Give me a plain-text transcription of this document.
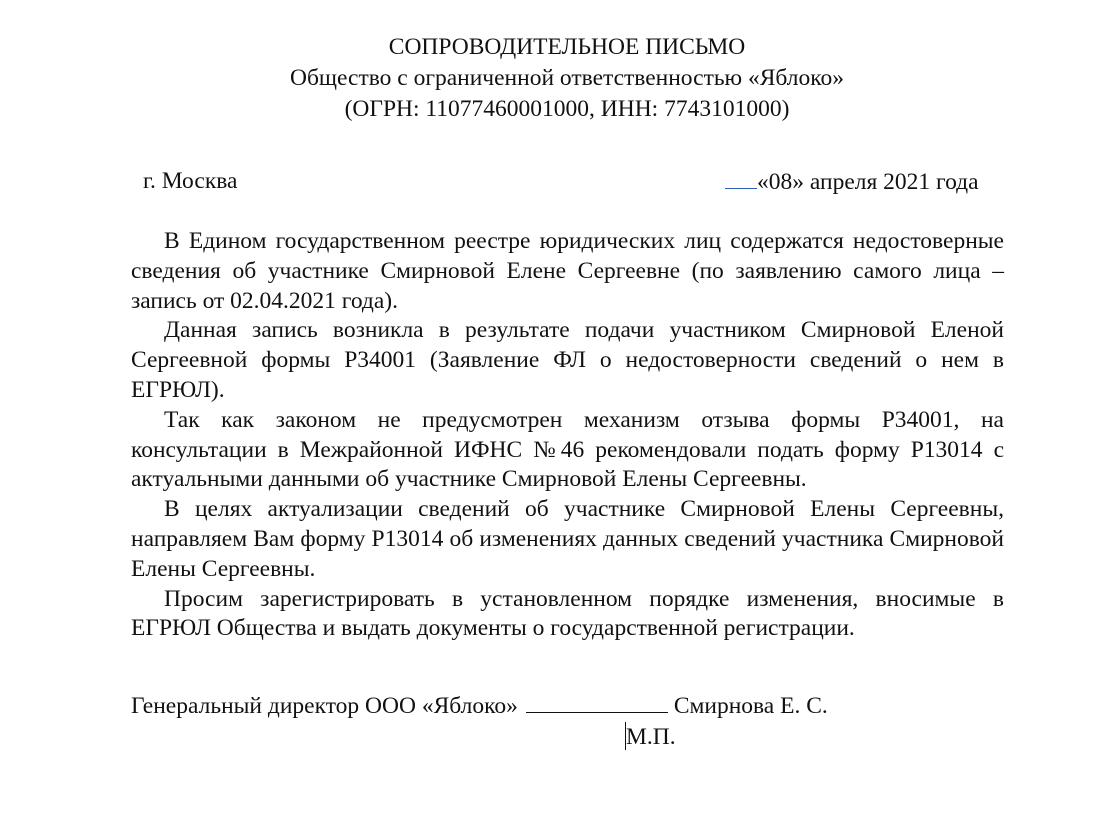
СОПРОВОДИТЕЛЬНОЕ ПИСЬМО
Общество с ограниченной ответственностью «Яблоко»
(ОГРН: 11077460001000, ИНН: 7743101000)
г. Москва	«08» апреля 2021 года

В Едином государственном реестре юридических лиц содержатся недостоверные сведения об участнике Смирновой Елене Сергеевне (по заявлению самого лица – запись от 02.04.2021 года).

Данная запись возникла в результате подачи участником Смирновой Еленой Сергеевной формы Р34001 (Заявление ФЛ о недостоверности сведений о нем в ЕГРЮЛ).

Так как законом не предусмотрен механизм отзыва формы Р34001, на консультации в Межрайонной ИФНС №46 рекомендовали подать форму Р13014 с актуальными данными об участнике Смирновой Елены Сергеевны.

В целях актуализации сведений об участнике Смирновой Елены Сергеевны, направляем Вам форму Р13014 об изменениях данных сведений участника Смирновой Елены Сергеевны.

Просим зарегистрировать в установленном порядке изменения, вносимые в ЕГРЮЛ Общества и выдать документы о государственной регистрации.

Генеральный директор ООО «Яблоко»	Смирнова Е. С.
М.П.
